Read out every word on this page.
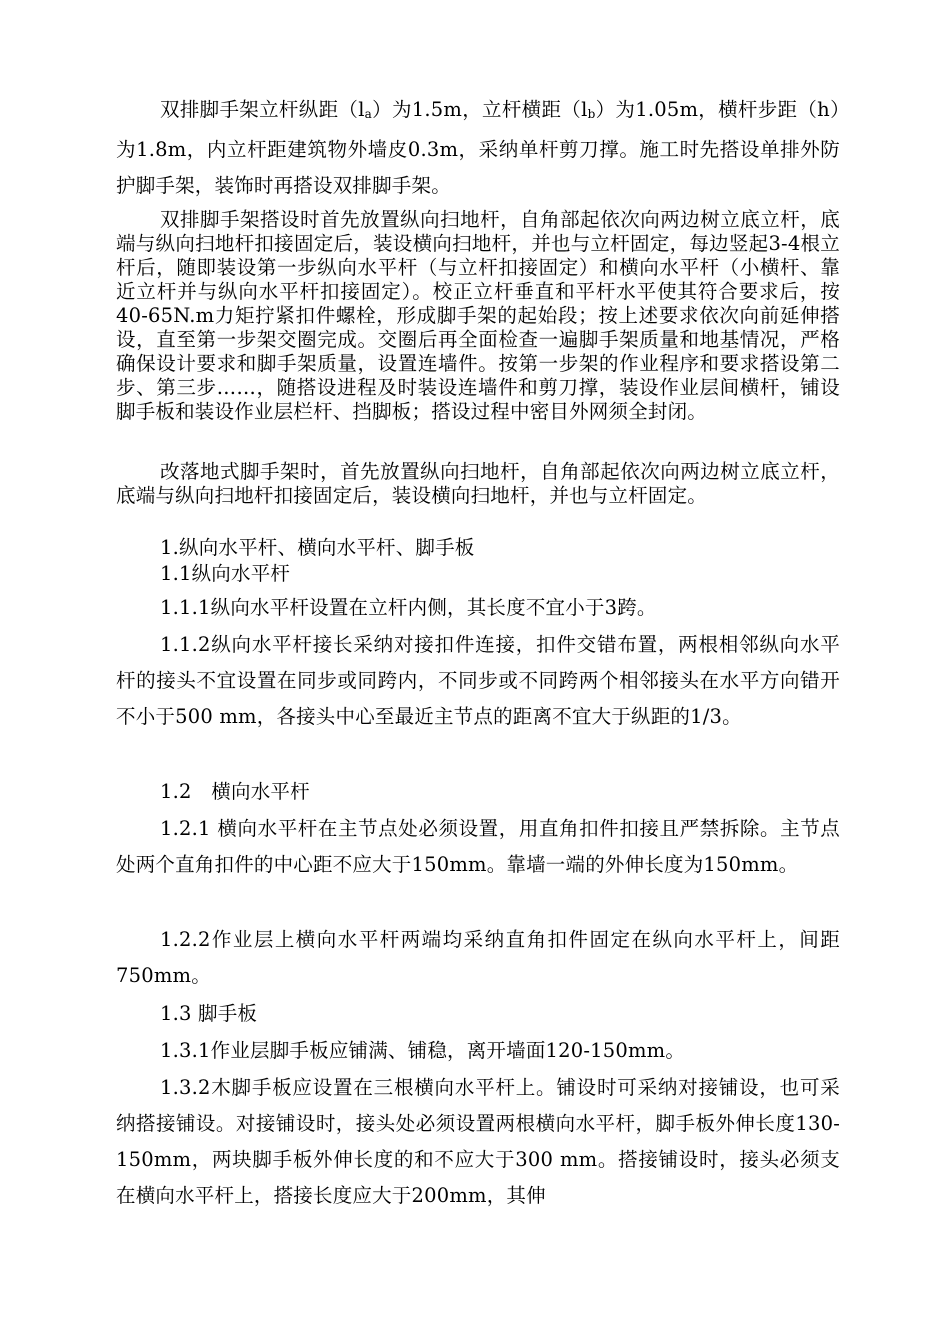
双排脚手架立杆纵距$(l_a)$为1.5m，立杆横距$(l_b)$为1.05m，横杆步距（h）为1.8m，内立杆距建筑物外墙皮0.3m，采纳单杆剪刀撑。施工时先搭设单排外防护脚手架，装饰时再搭设双排脚手架。

双排脚手架搭设时首先放置纵向扫地杆，自角部起依次向两边树立底立杆，底端与纵向扫地杆扣接固定后，装设横向扫地杆，并也与立杆固定，每边竖起3-4根立杆后，随即装设第一步纵向水平杆（与立杆扣接固定）和横向水平杆（小横杆、靠近立杆并与纵向水平杆扣接固定）。校正立杆垂直和平杆水平使其符合要求后，按40-65N.m力矩拧紧扣件螺栓，形成脚手架的起始段；按上述要求依次向前延伸搭设，直至第一步架交圈完成。交圈后再全面检查一遍脚手架质量和地基情况，严格确保设计要求和脚手架质量，设置连墙件。按第一步架的作业程序和要求搭设第二步、第三步……，随搭设进程及时装设连墙件和剪刀撑，装设作业层间横杆，铺设脚手板和装设作业层栏杆、挡脚板；搭设过程中密目外网须全封闭。

改落地式脚手架时，首先放置纵向扫地杆，自角部起依次向两边树立底立杆，底端与纵向扫地杆扣接固定后，装设横向扫地杆，并也与立杆固定。

1.纵向水平杆、横向水平杆、脚手板

1.1纵向水平杆

1.1.1纵向水平杆设置在立杆内侧，其长度不宜小于3跨。

1.1.2纵向水平杆接长采纳对接扣件连接，扣件交错布置，两根相邻纵向水平杆的接头不宜设置在同步或同跨内，不同步或不同跨两个相邻接头在水平方向错开不小于500 mm，各接头中心至最近主节点的距离不宜大于纵距的1/3。

1.2　横向水平杆

1.2.1 横向水平杆在主节点处必须设置，用直角扣件扣接且严禁拆除。主节点处两个直角扣件的中心距不应大于150mm。靠墙一端的外伸长度为150mm。

1.2.2作业层上横向水平杆两端均采纳直角扣件固定在纵向水平杆上，间距750mm。

1.3 脚手板

1.3.1作业层脚手板应铺满、铺稳，离开墙面120-150mm。

1.3.2木脚手板应设置在三根横向水平杆上。铺设时可采纳对接铺设，也可采纳搭接铺设。对接铺设时，接头处必须设置两根横向水平杆，脚手板外伸长度130-150mm，两块脚手板外伸长度的和不应大于300 mm。搭接铺设时，接头必须支在横向水平杆上，搭接长度应大于200mm，其伸
